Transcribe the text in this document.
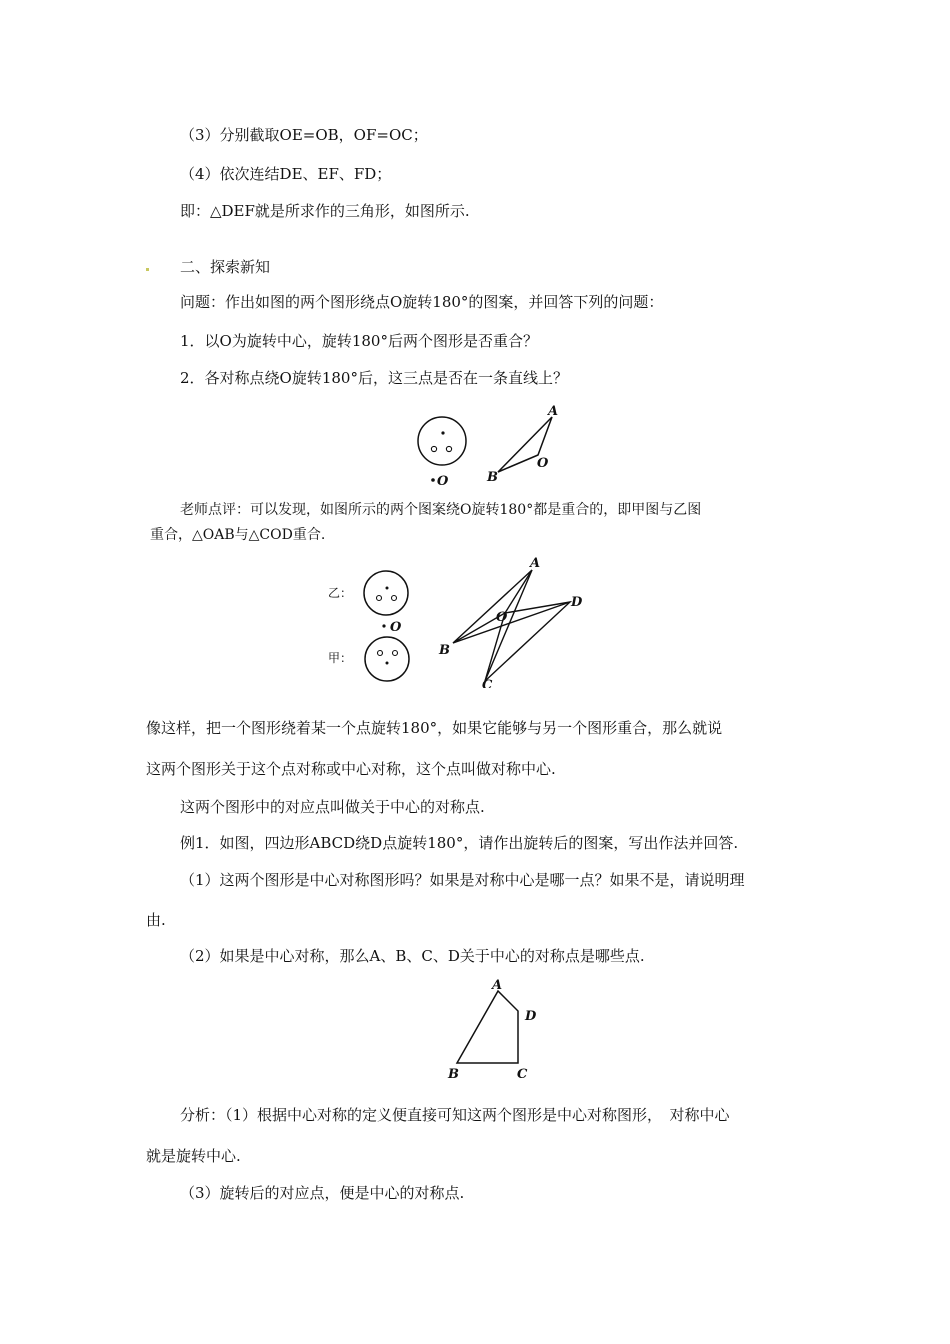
（3）分别截取OE=OB，OF=OC；
（4）依次连结DE、EF、FD；
即：△DEF就是所求作的三角形，如图所示.
二、探索新知
问题：作出如图的两个图形绕点O旋转180°的图案，并回答下列的问题：
1．以O为旋转中心，旋转180°后两个图形是否重合？
2．各对称点绕O旋转180°后，这三点是否在一条直线上？
O
A
B
O
老师点评：可以发现，如图所示的两个图案绕O旋转180°都是重合的，即甲图与乙图
重合，△OAB与△COD重合.
乙：
O
甲：
A
B
C
D
O
像这样，把一个图形绕着某一个点旋转180°，如果它能够与另一个图形重合，那么就说
这两个图形关于这个点对称或中心对称，这个点叫做对称中心.
这两个图形中的对应点叫做关于中心的对称点.
例1．如图，四边形ABCD绕D点旋转180°，请作出旋转后的图案，写出作法并回答.
（1）这两个图形是中心对称图形吗？如果是对称中心是哪一点？如果不是，请说明理
由.
（2）如果是中心对称，那么A、B、C、D关于中心的对称点是哪些点.
A
B	C
D
分析：（1）根据中心对称的定义便直接可知这两个图形是中心对称图形，　对称中心
就是旋转中心.
（3）旋转后的对应点，便是中心的对称点.
